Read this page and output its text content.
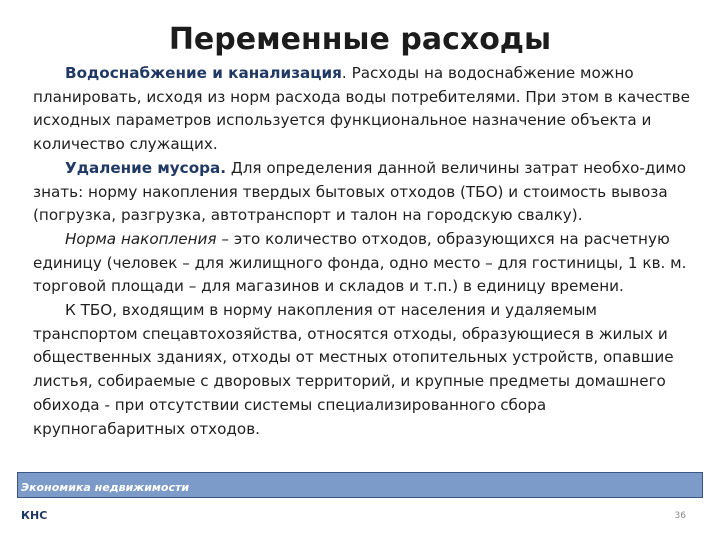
Переменные расходы

Водоснабжение и канализация. Расходы на водоснабжение можно планировать, исходя из норм расхода воды потребителями. При этом в качестве исходных параметров используется функциональное назначение объекта и количество служащих.

Удаление мусора. Для определения данной величины затрат необхо-димо знать: норму накопления твердых бытовых отходов (ТБО) и стоимость вывоза (погрузка, разгрузка, автотранспорт и талон на городскую свалку).

Норма накопления – это количество отходов, образующихся на расчетную единицу (человек – для жилищного фонда, одно место – для гостиницы, 1 кв. м. торговой площади – для магазинов и складов и т.п.) в единицу времени.

К ТБО, входящим в норму накопления от населения и удаляемым транспортом спецавтохозяйства, относятся отходы, образующиеся в жилых и общественных зданиях, отходы от местных отопительных устройств, опавшие листья, собираемые с дворовых территорий, и крупные предметы домашнего обихода - при отсутствии системы специализированного сбора крупногабаритных отходов.

Экономика недвижимости
КНС	36
